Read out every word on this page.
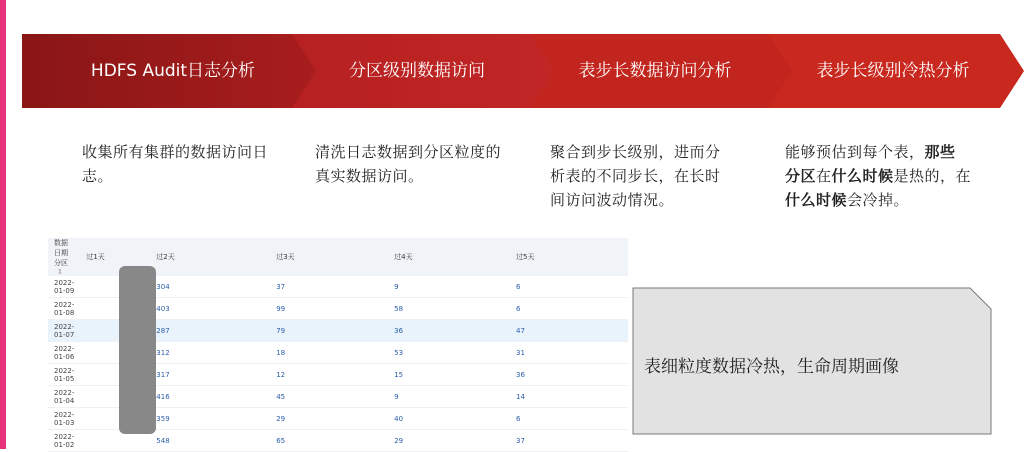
HDFS Audit日志分析	分区级别数据访问	表步长数据访问分析	表步长级别冷热分析
收集所有集群的数据访问日志。
清洗日志数据到分区粒度的真实数据访问。
聚合到步长级别，进而分 析表的不同步长，在长时 间访问波动情况。
能够预估到每个表，那些 分区在什么时候是热的，在什么时候会冷掉。
数据日期分区⇕	过1天	过2天	过3天	过4天	过5天
2022-01-09		304	37	9	6
2022-01-08		403	99	58	6
2022-01-07		287	79	36	47
2022-01-06		312	18	53	31
2022-01-05		317	12	15	36
2022-01-04		416	45	9	14
2022-01-03		359	29	40	6
2022-01-02		548	65	29	37
表细粒度数据冷热，生命周期画像
